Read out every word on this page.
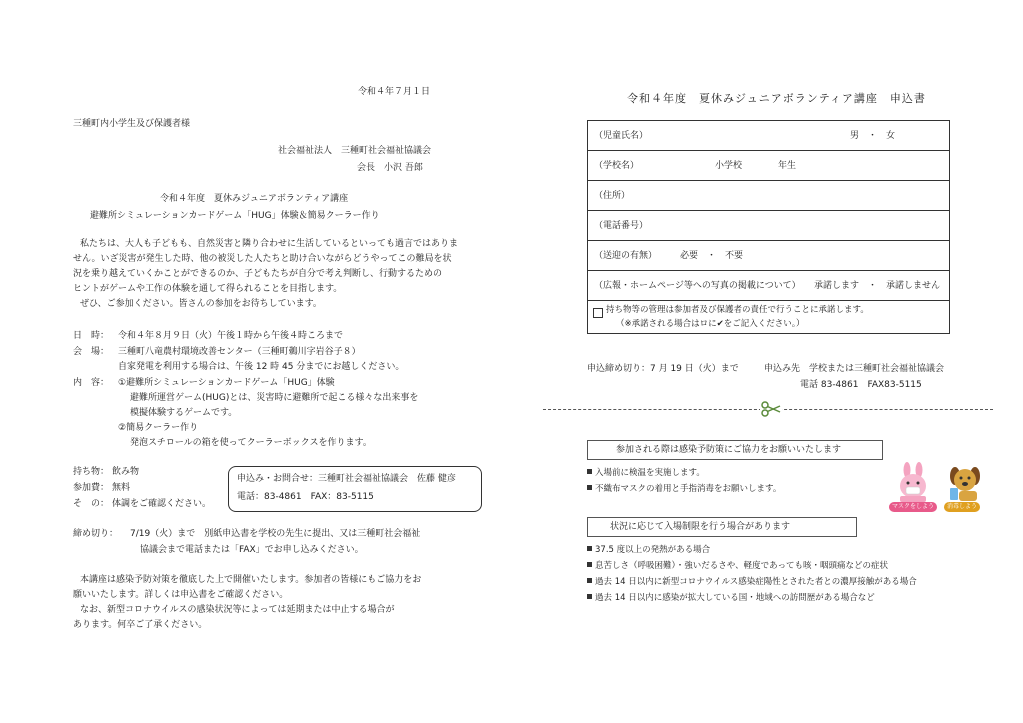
令和４年７月１日
三種町内小学生及び保護者様
社会福祉法人　三種町社会福祉協議会
会長　小沢 吾郎
令和４年度　夏休みジュニアボランティア講座
避難所シミュレーションカードゲーム「HUG」体験＆簡易クーラー作り
私たちは、大人も子どもも、自然災害と隣り合わせに生活しているといっても過言ではありま
せん。いざ災害が発生した時、他の被災した人たちと助け合いながらどうやってこの難局を状
況を乗り越えていくかことができるのか、子どもたちが自分で考え判断し、行動するための
ヒントがゲームや工作の体験を通して得られることを目指します。
ぜひ、ご参加ください。皆さんの参加をお待ちしています。
日　時： 令和４年８月９日（火）午後１時から午後４時ころまで
会　場： 三種町八竜農村環境改善センター（三種町鵜川字岩谷子８）
自家発電を利用する場合は、午後 12 時 45 分までにお越しください。
内　容： ①避難所シミュレーションカードゲーム「HUG」体験
避難所運営ゲーム(HUG)とは、災害時に避難所で起こる様々な出来事を
模擬体験するゲームです。
②簡易クーラー作り
発泡スチロールの箱を使ってクーラーボックスを作ります。
持ち物： 飲み物
参加費： 無料
そ　の： 体調をご確認ください。
申込み・お問合せ：三種町社会福祉協議会　佐藤 健彦
電話：83-4861　FAX：83-5115
締め切り： 7/19（火）まで　別紙申込書を学校の先生に提出、又は三種町社会福祉
協議会まで電話または「FAX」でお申し込みください。
本講座は感染予防対策を徹底した上で開催いたします。参加者の皆様にもご協力をお
願いいたします。詳しくは申込書をご確認ください。
なお、新型コロナウイルスの感染状況等によっては延期または中止する場合が
あります。何卒ご了承ください。
令和４年度　夏休みジュニアボランティア講座　申込書
（児童氏名）	男　・　女
（学校名）	小学校	年生
（住所）
（電話番号）
（送迎の有無）	必要　・　不要
（広報・ホームページ等への写真の掲載について） 承諾します　・　承諾しません
持ち物等の管理は参加者及び保護者の責任で行うことに承諾します。
（※承諾される場合はロに✔をご記入ください。）
申込締め切り：7 月 19 日（火）まで	申込み先　学校または三種町社会福祉協議会
電話 83-4861　FAX83-5115
参加される際は感染予防策にご協力をお願いいたします
入場前に検温を実施します。
不織布マスクの着用と手指消毒をお願いします。
状況に応じて入場制限を行う場合があります
37.5 度以上の発熱がある場合
息苦しさ（呼吸困難）・強いだるさや、軽度であっても咳・咽頭痛などの症状
過去 14 日以内に新型コロナウイルス感染症陽性とされた者との濃厚接触がある場合
過去 14 日以内に感染が拡大している国・地域への訪問歴がある場合など
マスクをしよう	消毒しよう
